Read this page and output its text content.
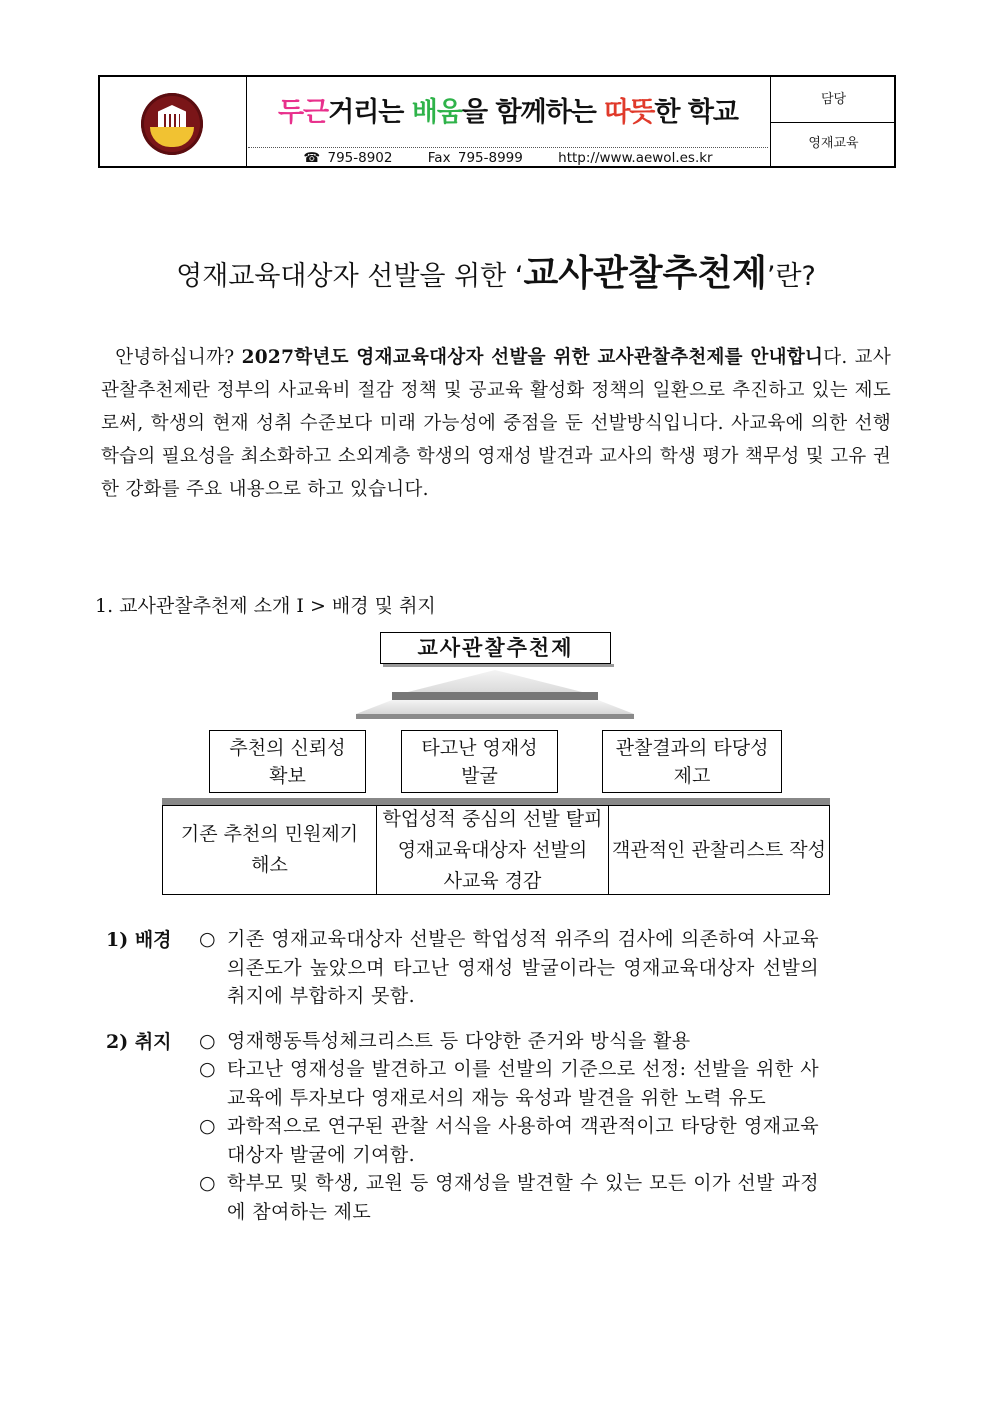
두근거리는 배움을 함께하는 따뜻한 학교
☎ 795-8902	Fax 795-8999	http://www.aewol.es.kr
담당
영재교육
영재교육대상자 선발을 위한 ‘교사관찰추천제’란?
안녕하십니까? 2027학년도 영재교육대상자 선발을 위한 교사관찰추천제를 안내합니다. 교사관찰추천제란 정부의 사교육비 절감 정책 및 공교육 활성화 정책의 일환으로 추진하고 있는 제도로써, 학생의 현재 성취 수준보다 미래 가능성에 중점을 둔 선발방식입니다. 사교육에 의한 선행학습의 필요성을 최소화하고 소외계층 학생의 영재성 발견과 교사의 학생 평가 책무성 및 고유 권한 강화를 주요 내용으로 하고 있습니다.
1. 교사관찰추천제 소개 I > 배경 및 취지
교사관찰추천제
추천의 신뢰성
확보
타고난 영재성
발굴
관찰결과의 타당성
제고
기존 추천의 민원제기
해소
학업성적 중심의 선발 탈피
영재교육대상자 선발의
사교육 경감
객관적인 관찰리스트 작성
1) 배경 ○ 기존 영재교육대상자 선발은 학업성적 위주의 검사에 의존하여 사교육 의존도가 높았으며 타고난 영재성 발굴이라는 영재교육대상자 선발의 취지에 부합하지 못함.
2) 취지 ○ 영재행동특성체크리스트 등 다양한 준거와 방식을 활용
○ 타고난 영재성을 발견하고 이를 선발의 기준으로 선정: 선발을 위한 사교육에 투자보다 영재로서의 재능 육성과 발견을 위한 노력 유도
○ 과학적으로 연구된 관찰 서식을 사용하여 객관적이고 타당한 영재교육대상자 발굴에 기여함.
○ 학부모 및 학생, 교원 등 영재성을 발견할 수 있는 모든 이가 선발 과정에 참여하는 제도
